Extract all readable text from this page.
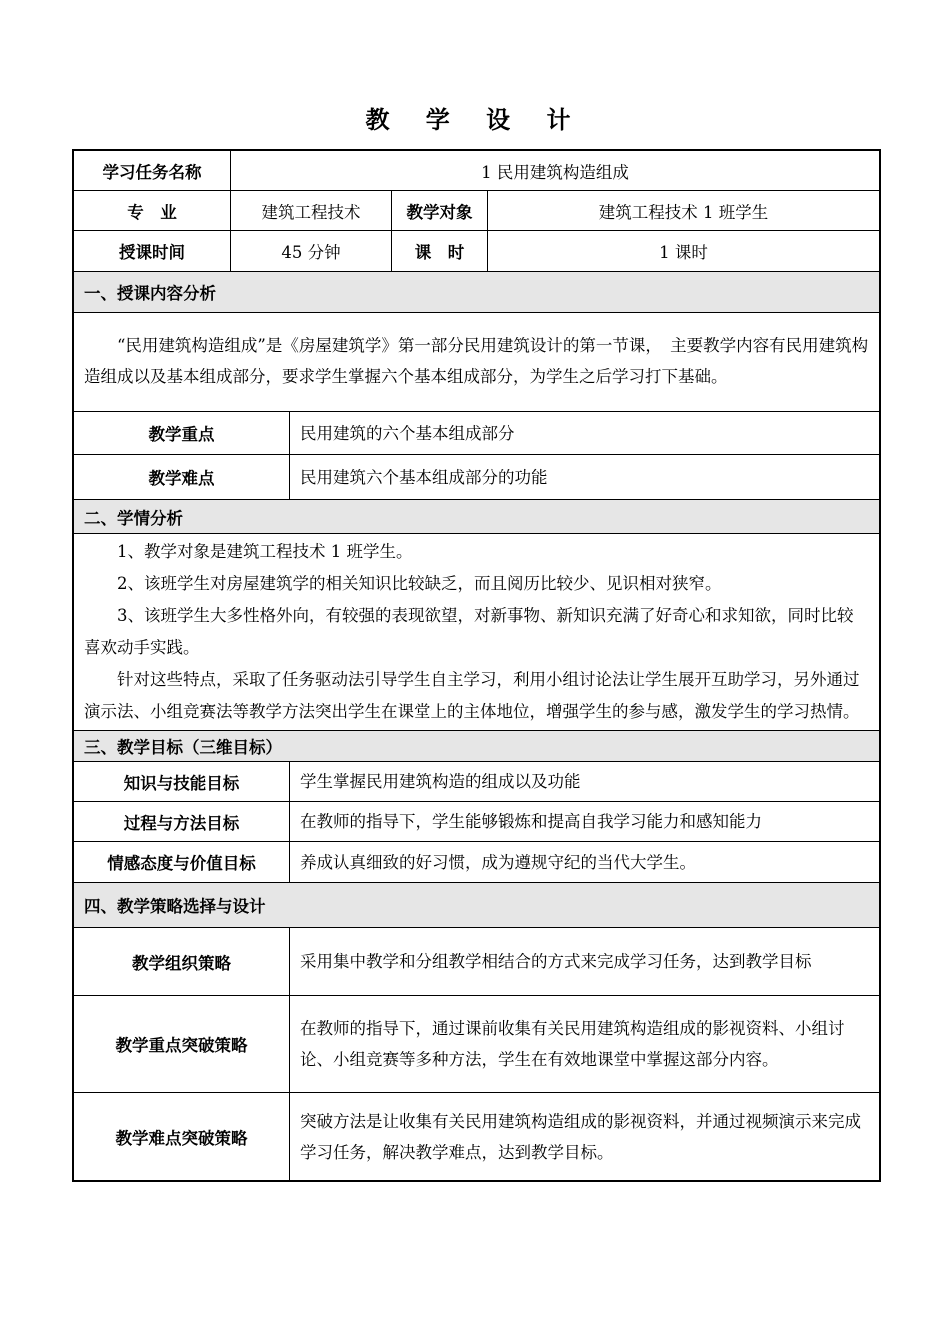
教 学 设 计
学习任务名称	1 民用建筑构造组成		
专　业	建筑工程技术	教学对象	建筑工程技术 1 班学生
授课时间	45 分钟	课　时	1 课时
一、授课内容分析	

“民用建筑构造组成”是《房屋建筑学》第一部分民用建筑设计的第一节课，　主要教学内容有民用建筑构造组成以及基本组成部分，要求学生掌握六个基本组成部分，为学生之后学习打下基础。	

教学重点	民用建筑的六个基本组成部分
教学难点	民用建筑六个基本组成部分的功能
二、学情分析

1、教学对象是建筑工程技术 1 班学生。

2、该班学生对房屋建筑学的相关知识比较缺乏，而且阅历比较少、见识相对狭窄。

3、该班学生大多性格外向，有较强的表现欲望，对新事物、新知识充满了好奇心和求知欲，同时比较喜欢动手实践。

针对这些特点，采取了任务驱动法引导学生自主学习，利用小组讨论法让学生展开互助学习，另外通过演示法、小组竞赛法等教学方法突出学生在课堂上的主体地位，增强学生的参与感，激发学生的学习热情。

三、教学目标（三维目标）	
知识与技能目标	学生掌握民用建筑构造的组成以及功能
过程与方法目标	在教师的指导下，学生能够锻炼和提高自我学习能力和感知能力
情感态度与价值目标	养成认真细致的好习惯，成为遵规守纪的当代大学生。
四、教学策略选择与设计	
教学组织策略	采用集中教学和分组教学相结合的方式来完成学习任务，达到教学目标
教学重点突破策略	在教师的指导下，通过课前收集有关民用建筑构造组成的影视资料、小组讨论、小组竞赛等多种方法，学生在有效地课堂中掌握这部分内容。
教学难点突破策略	突破方法是让收集有关民用建筑构造组成的影视资料，并通过视频演示来完成学习任务，解决教学难点，达到教学目标。
